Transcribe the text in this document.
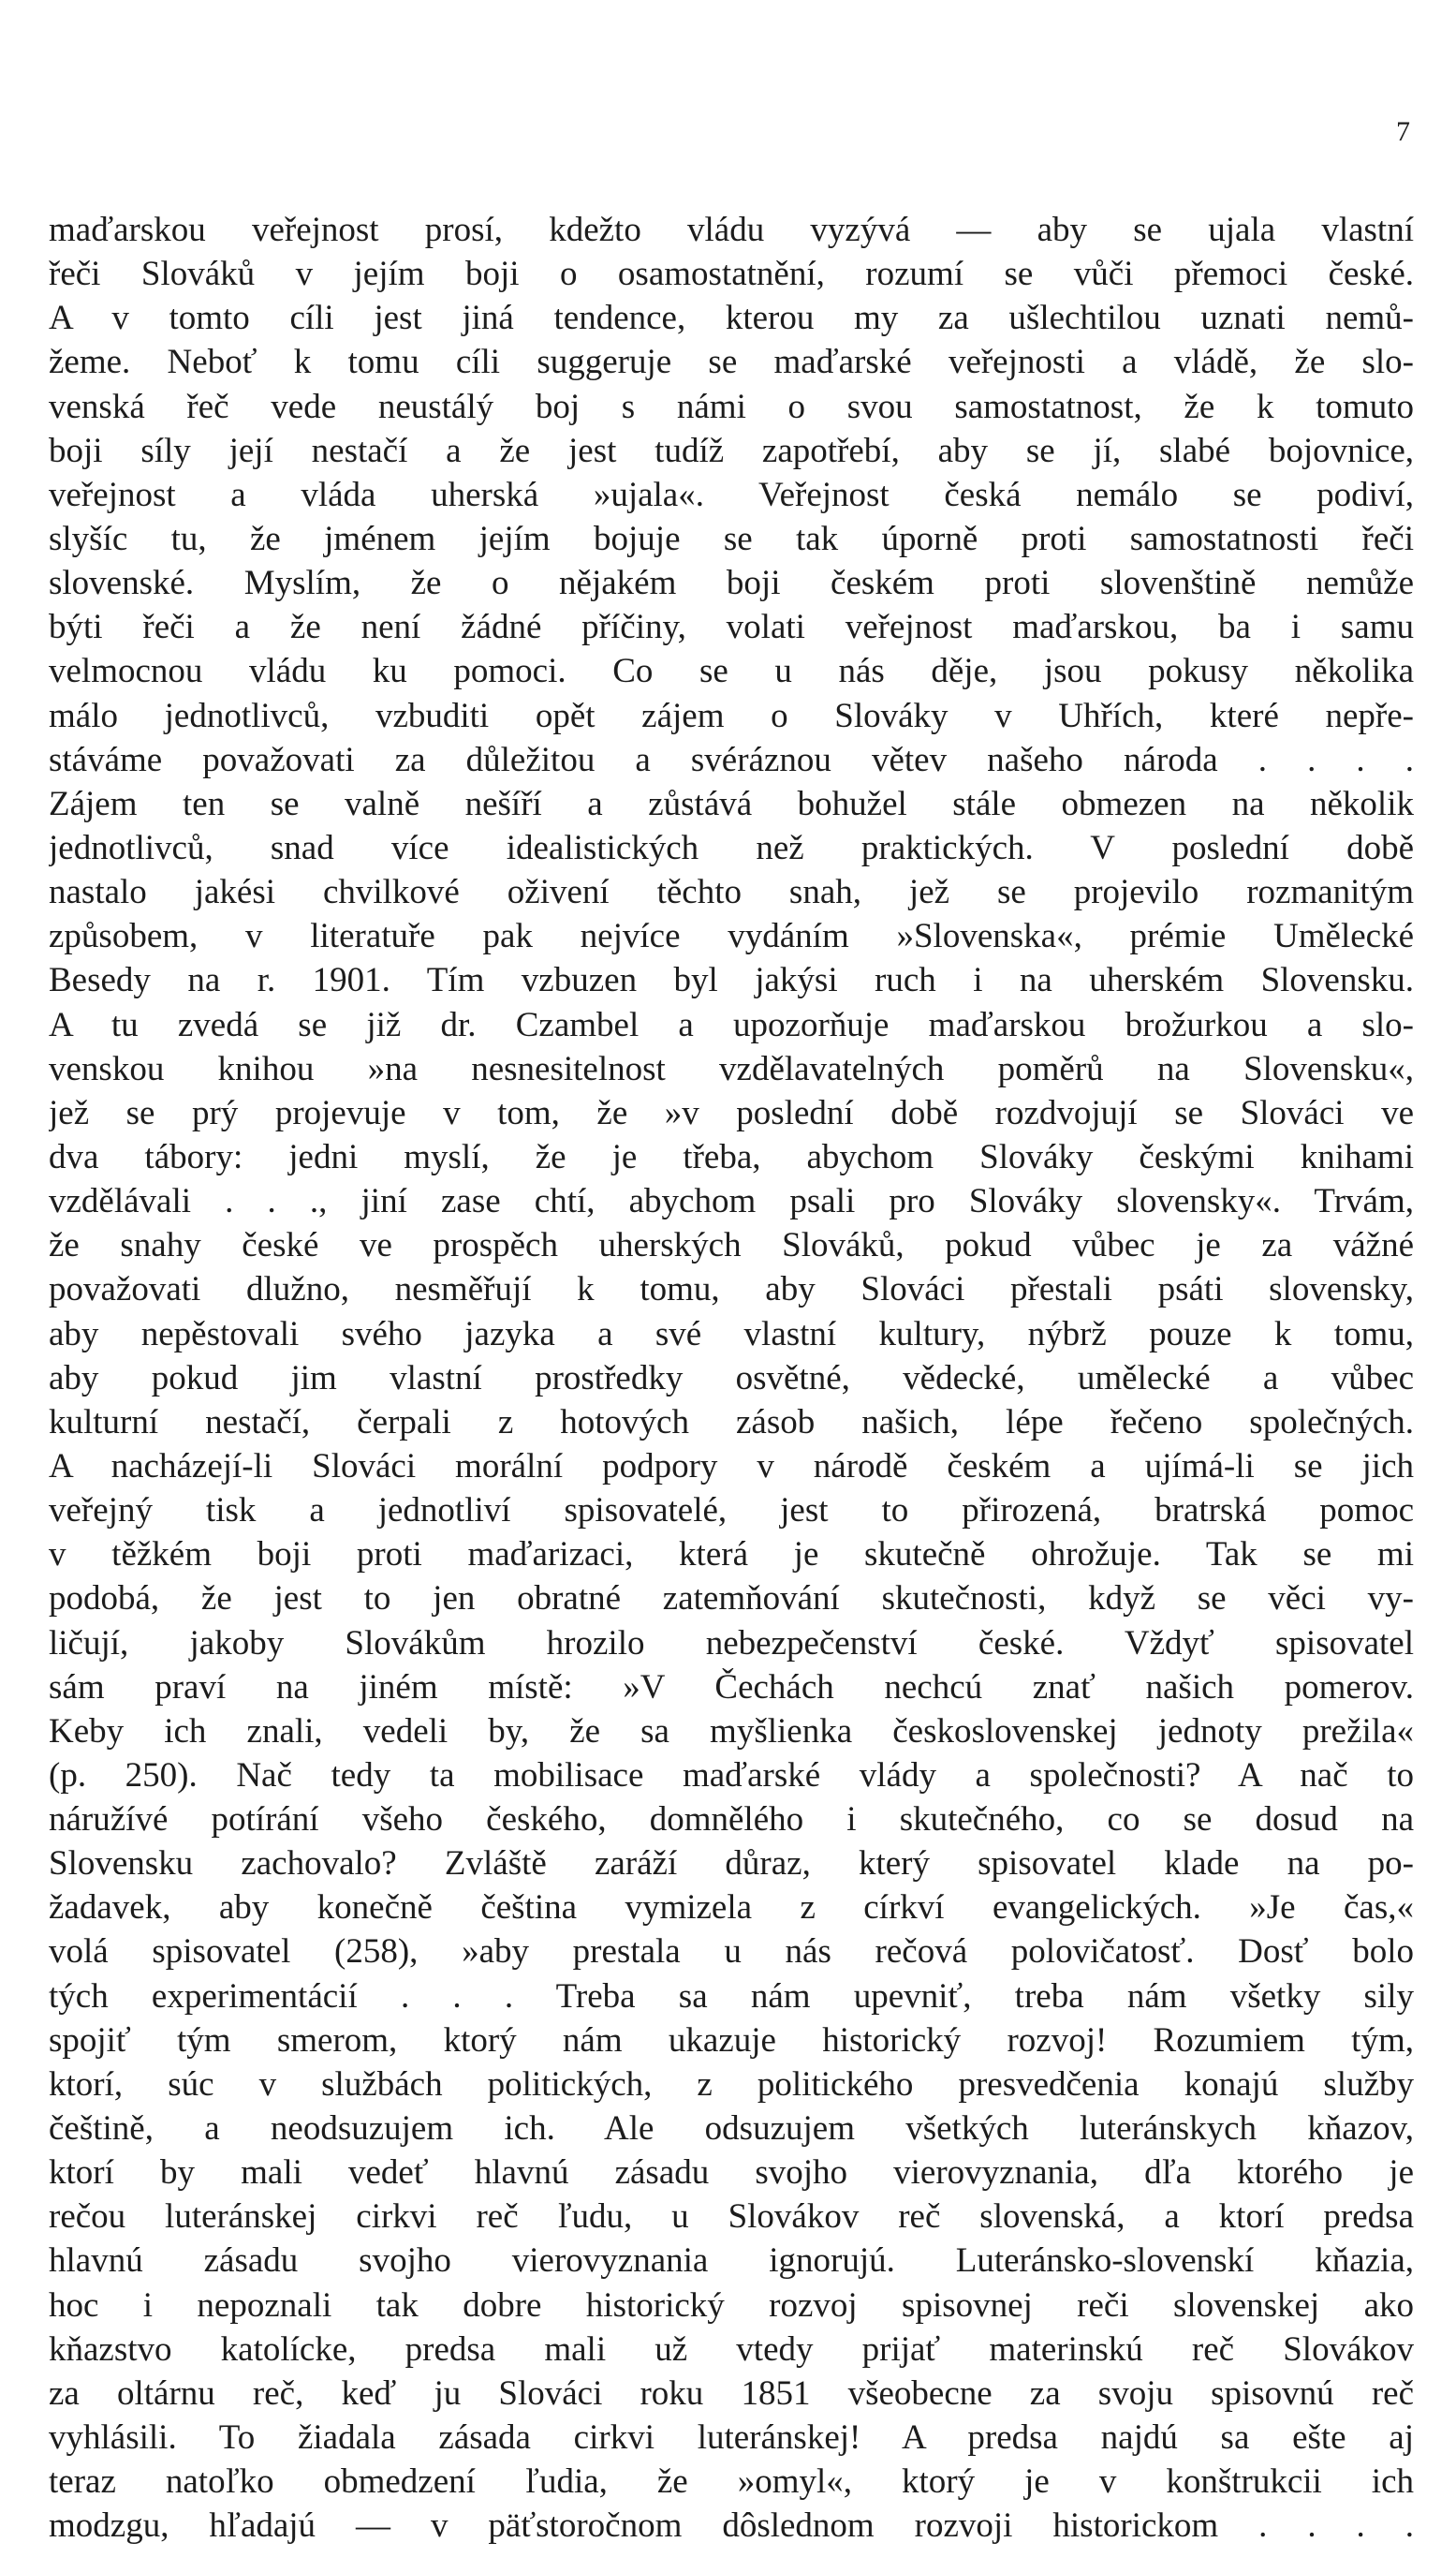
7
maďarskou veřejnost prosí, kdežto vládu vyzývá — aby se ujala vlastní
řeči Slováků v jejím boji o osamostatnění, rozumí se vůči přemoci české.
A v tomto cíli jest jiná tendence, kterou my za ušlechtilou uznati nemů-
žeme. Neboť k tomu cíli suggeruje se maďarské veřejnosti a vládě, že slo-
venská řeč vede neustálý boj s námi o svou samostatnost, že k tomuto
boji síly její nestačí a že jest tudíž zapotřebí, aby se jí, slabé bojovnice,
veřejnost a vláda uherská »ujala«. Veřejnost česká nemálo se podiví,
slyšíc tu, že jménem jejím bojuje se tak úporně proti samostatnosti řeči
slovenské. Myslím, že o nějakém boji českém proti slovenštině nemůže
býti řeči a že není žádné příčiny, volati veřejnost maďarskou, ba i samu
velmocnou vládu ku pomoci. Co se u nás děje, jsou pokusy několika
málo jednotlivců, vzbuditi opět zájem o Slováky v Uhřích, které nepře-
stáváme považovati za důležitou a svéráznou větev našeho národa . . . .
Zájem ten se valně nešíří a zůstává bohužel stále obmezen na několik
jednotlivců, snad více idealistických než praktických. V poslední době
nastalo jakési chvilkové oživení těchto snah, jež se projevilo rozmanitým
způsobem, v literatuře pak nejvíce vydáním »Slovenska«, prémie Umělecké
Besedy na r. 1901. Tím vzbuzen byl jakýsi ruch i na uherském Slovensku.
A tu zvedá se již dr. Czambel a upozorňuje maďarskou brožurkou a slo-
venskou knihou »na nesnesitelnost vzdělavatelných poměrů na Slovensku«,
jež se prý projevuje v tom, že »v poslední době rozdvojují se Slováci ve
dva tábory: jedni myslí, že je třeba, abychom Slováky českými knihami
vzdělávali . . ., jiní zase chtí, abychom psali pro Slováky slovensky«. Trvám,
že snahy české ve prospěch uherských Slováků, pokud vůbec je za vážné
považovati dlužno, nesměřují k tomu, aby Slováci přestali psáti slovensky,
aby nepěstovali svého jazyka a své vlastní kultury, nýbrž pouze k tomu,
aby pokud jim vlastní prostředky osvětné, vědecké, umělecké a vůbec
kulturní nestačí, čerpali z hotových zásob našich, lépe řečeno společných.
A nacházejí-li Slováci morální podpory v národě českém a ujímá-li se jich
veřejný tisk a jednotliví spisovatelé, jest to přirozená, bratrská pomoc
v těžkém boji proti maďarizaci, která je skutečně ohrožuje. Tak se mi
podobá, že jest to jen obratné zatemňování skutečnosti, když se věci vy-
ličují, jakoby Slovákům hrozilo nebezpečenství české. Vždyť spisovatel
sám praví na jiném místě: »V Čechách nechcú znať našich pomerov.
Keby ich znali, vedeli by, že sa myšlienka československej jednoty prežila«
(p. 250). Nač tedy ta mobilisace maďarské vlády a společnosti? A nač to
náružívé potírání všeho českého, domnělého i skutečného, co se dosud na
Slovensku zachovalo? Zvláště zaráží důraz, který spisovatel klade na po-
žadavek, aby konečně čeština vymizela z církví evangelických. »Je čas,«
volá spisovatel (258), »aby prestala u nás rečová polovičatosť. Dosť bolo
tých experimentácií . . . Treba sa nám upevniť, treba nám všetky sily
spojiť tým smerom, ktorý nám ukazuje historický rozvoj! Rozumiem tým,
ktorí, súc v službách politických, z politického presvedčenia konajú služby
češtině, a neodsuzujem ich. Ale odsuzujem všetkých luteránskych kňazov,
ktorí by mali vedeť hlavnú zásadu svojho vierovyznania, dľa ktorého je
rečou luteránskej cirkvi reč ľudu, u Slovákov reč slovenská, a ktorí predsa
hlavnú zásadu svojho vierovyznania ignorujú. Luteránsko-slovenskí kňazia,
hoc i nepoznali tak dobre historický rozvoj spisovnej reči slovenskej ako
kňazstvo katolícke, predsa mali už vtedy prijať materinskú reč Slovákov
za oltárnu reč, keď ju Slováci roku 1851 všeobecne za svoju spisovnú reč
vyhlásili. To žiadala zásada cirkvi luteránskej! A predsa najdú sa ešte aj
teraz natoľko obmedzení ľudia, že »omyl«, ktorý je v konštrukcii ich
modzgu, hľadajú — v päťstoročnom dôslednom rozvoji historickom . . . .
